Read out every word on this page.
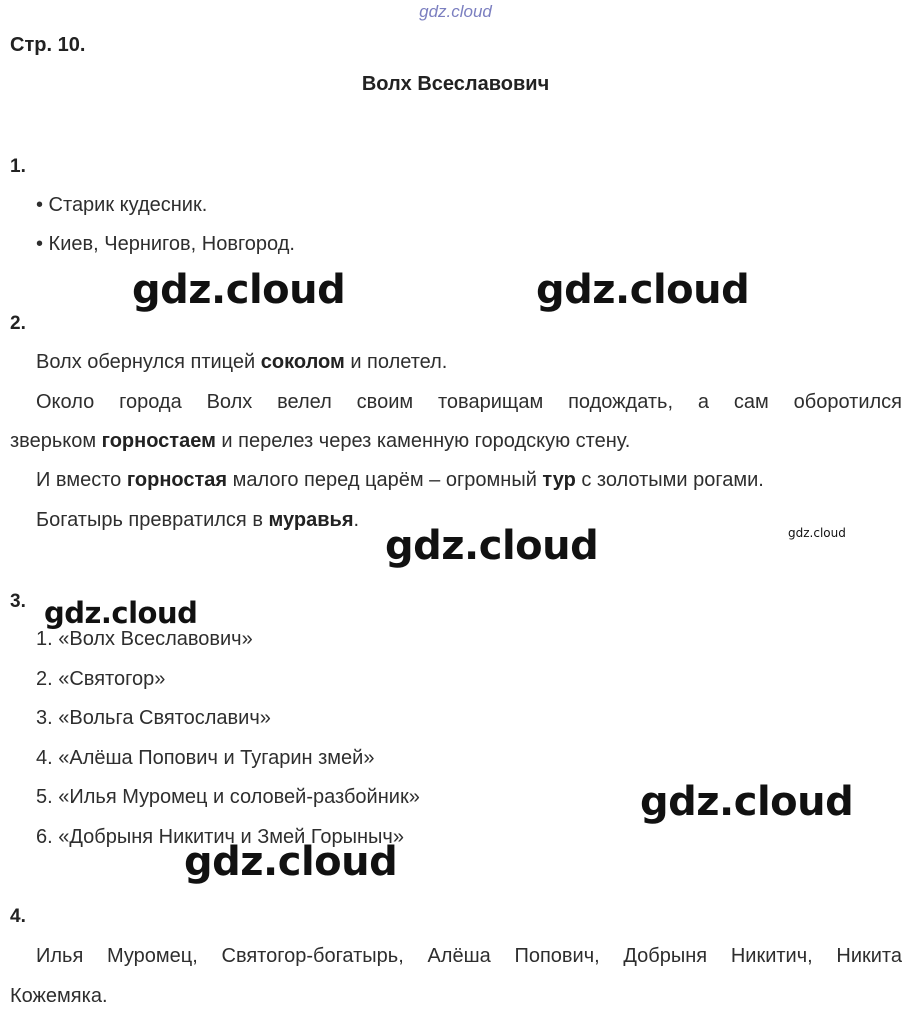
gdz.cloud
Стр. 10.
Волх Всеславович
1.
• Старик кудесник.
• Киев, Чернигов, Новгород.
gdz.cloud	gdz.cloud
2.
Волх обернулся птицей соколом и полетел.
Около города Волх велел своим товарищам подождать, а сам оборотился
зверьком горностаем и перелез через каменную городскую стену.
И вместо горностая малого перед царём – огромный тур с золотыми рогами.
Богатырь превратился в муравья.
gdz.cloud
gdz.cloud
3. gdz.cloud
1. «Волх Всеславович»
2. «Святогор»
3. «Вольга Святославич»
4. «Алёша Попович и Тугарин змей»
5. «Илья Муромец и соловей-разбойник»
6. «Добрыня Никитич и Змей Горыныч»
gdz.cloud
gdz.cloud
4.
Илья Муромец, Святогор-богатырь, Алёша Попович, Добрыня Никитич, Никита
Кожемяка.
